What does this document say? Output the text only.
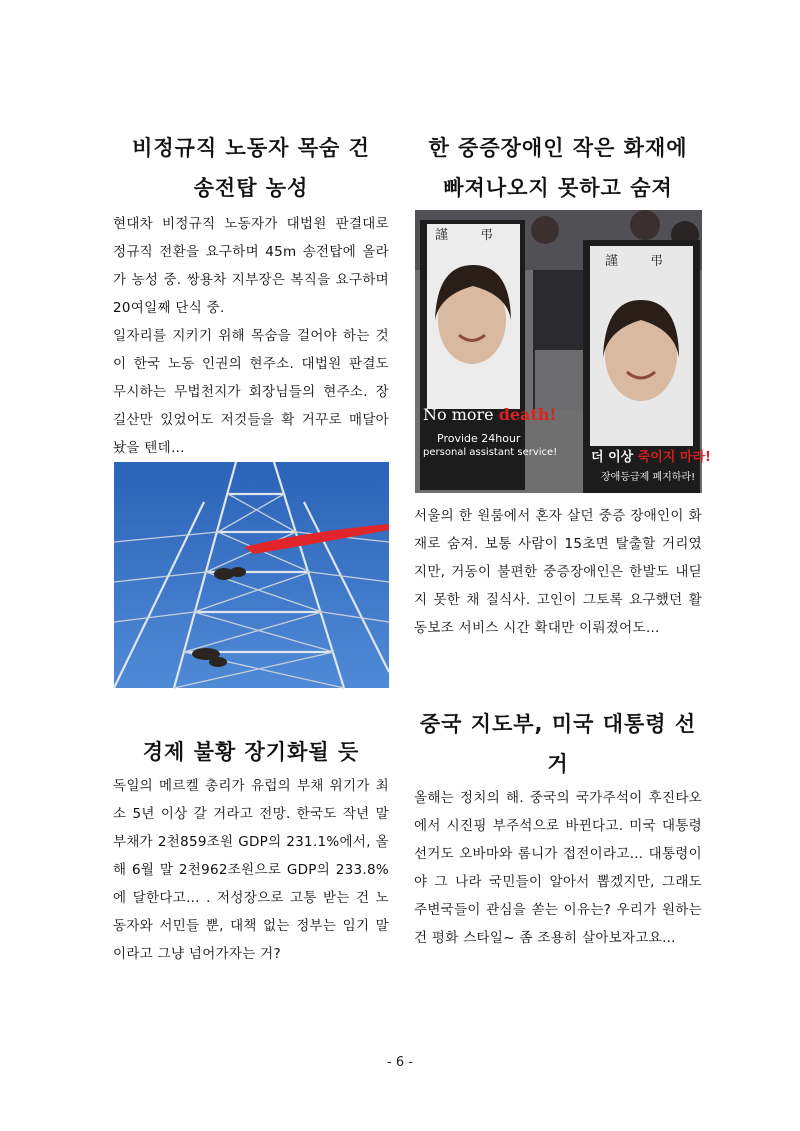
비정규직 노동자 목숨 건
송전탑 농성

현대차 비정규직 노동자가 대법원 판결대로 정규직 전환을 요구하며 45m 송전탑에 올라가 농성 중. 쌍용차 지부장은 복직을 요구하며 20여일째 단식 중.

일자리를 지키기 위해 목숨을 걸어야 하는 것이 한국 노동 인권의 현주소. 대법원 판결도 무시하는 무법천지가 회장님들의 현주소. 장길산만 있었어도 저것들을 확 거꾸로 매달아놨을 텐데…

한 중증장애인 작은 화재에
빠져나오지 못하고 숨져
謹 弔
謹 弔
No more death!
Provide 24hour
personal assistant service!	더 이상 죽이지 마라!
장애등급제 폐지하라!

서울의 한 원룸에서 혼자 살던 중증 장애인이 화재로 숨져. 보통 사람이 15초면 탈출할 거리였지만, 거동이 불편한 중증장애인은 한발도 내딛지 못한 채 질식사. 고인이 그토록 요구했던 활동보조 서비스 시간 확대만 이뤄졌어도…

경제 불황 장기화될 듯

독일의 메르켈 총리가 유럽의 부채 위기가 최소 5년 이상 갈 거라고 전망. 한국도 작년 말 부채가 2천859조원 GDP의 231.1%에서, 올해 6월 말 2천962조원으로 GDP의 233.8%에 달한다고… . 저성장으로 고통 받는 건 노동자와 서민들 뿐, 대책 없는 정부는 임기 말이라고 그냥 넘어가자는 거?

중국 지도부, 미국 대통령 선거

올해는 정치의 해. 중국의 국가주석이 후진타오에서 시진핑 부주석으로 바뀐다고. 미국 대통령 선거도 오바마와 롬니가 접전이라고… 대통령이야 그 나라 국민들이 알아서 뽑겠지만, 그래도 주변국들이 관심을 쏟는 이유는? 우리가 원하는 건 평화 스타일~ 좀 조용히 살아보자고요…

- 6 -
